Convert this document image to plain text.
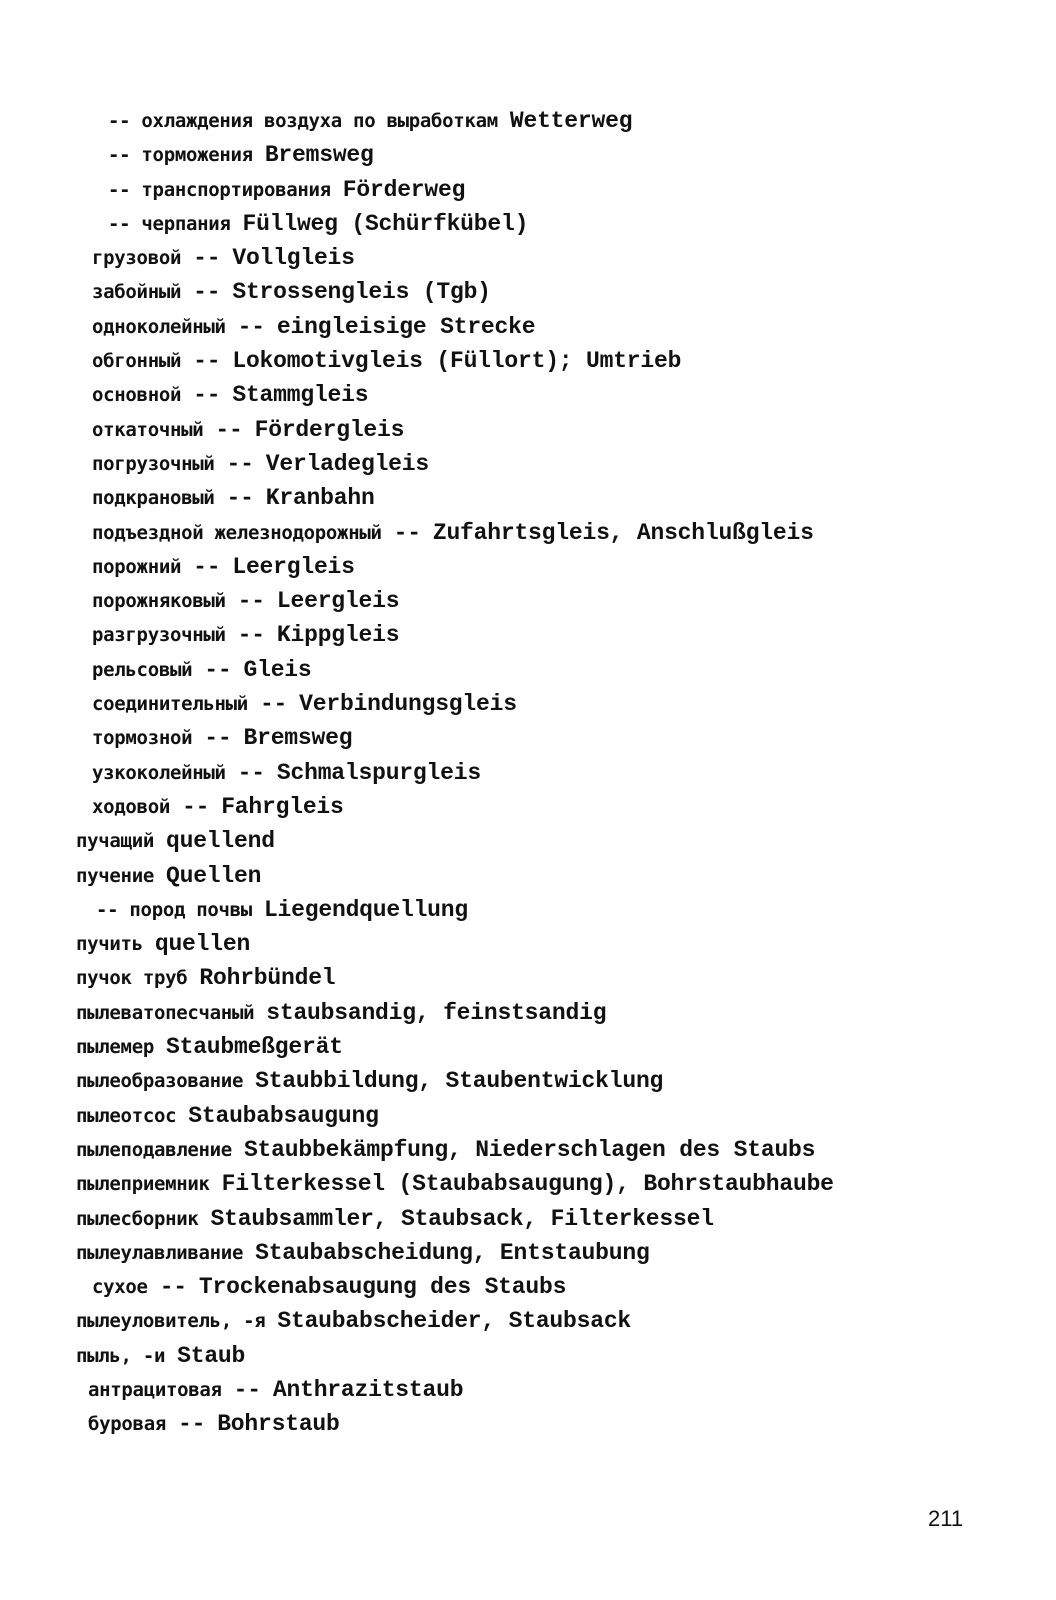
-- охлаждения воздуха по выработкам Wetterweg
-- торможения Bremsweg
-- транспортирования Förderweg
-- черпания Füllweg (Schürfkübel)
грузовой -- Vollgleis
забойный -- Strossengleis (Tgb)
одноколейный -- eingleisige Strecke
обгонный -- Lokomotivgleis (Füllort); Umtrieb
основной -- Stammgleis
откаточный -- Fördergleis
погрузочный -- Verladegleis
подкрановый -- Kranbahn
подъездной железнодорожный -- Zufahrtsgleis, Anschlußgleis
порожний -- Leergleis
порожняковый -- Leergleis
разгрузочный -- Kippgleis
рельсовый -- Gleis
соединительный -- Verbindungsgleis
тормозной -- Bremsweg
узкоколейный -- Schmalspurgleis
ходовой -- Fahrgleis
пучащий quellend
пучение Quellen
-- пород почвы Liegendquellung
пучить quellen
пучок труб Rohrbündel
пылеватопесчаный staubsandig, feinstsandig
пылемер Staubmeßgerät
пылеобразование Staubbildung, Staubentwicklung
пылеотсос Staubabsaugung
пылеподавление Staubbekämpfung, Niederschlagen des Staubs
пылеприемник Filterkessel (Staubabsaugung), Bohrstaubhaube
пылесборник Staubsammler, Staubsack, Filterkessel
пылеулавливание Staubabscheidung, Entstaubung
сухое -- Trockenabsaugung des Staubs
пылеуловитель, -я Staubabscheider, Staubsack
пыль, -и Staub
антрацитовая -- Anthrazitstaub
буровая -- Bohrstaub
211
